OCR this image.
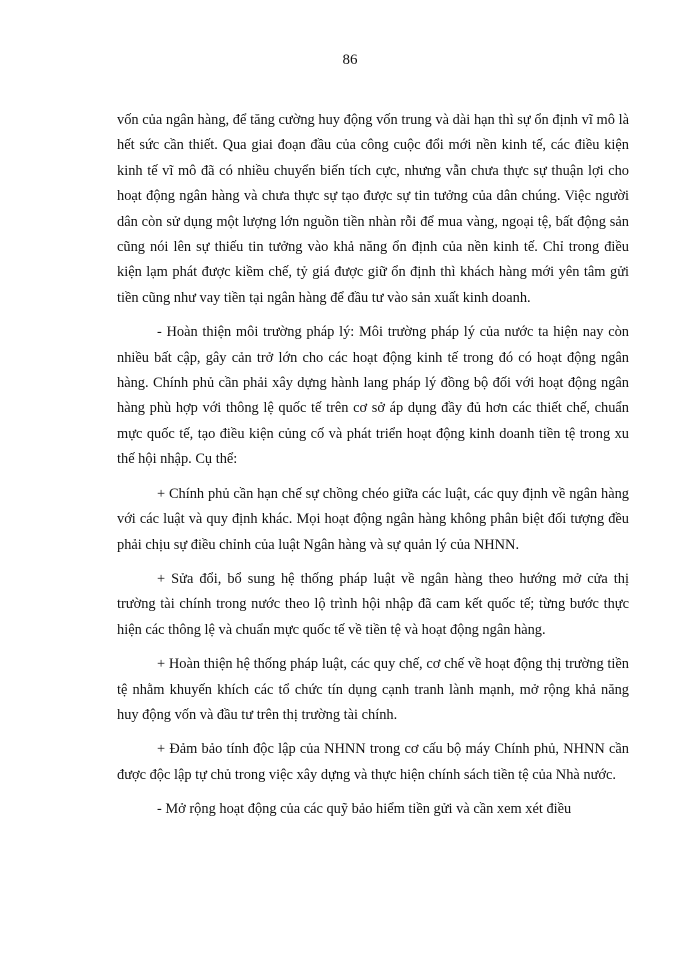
86

vốn của ngân hàng, để tăng cường huy động vốn trung và dài hạn thì sự ổn định vĩ mô là hết sức cần thiết. Qua giai đoạn đầu của công cuộc đổi mới nền kinh tế, các điều kiện kinh tế vĩ mô đã có nhiều chuyển biến tích cực, nhưng vẫn chưa thực sự thuận lợi cho hoạt động ngân hàng và chưa thực sự tạo được sự tin tưởng của dân chúng. Việc người dân còn sử dụng một lượng lớn nguồn tiền nhàn rỗi để mua vàng, ngoại tệ, bất động sản cũng nói lên sự thiếu tin tưởng vào khả năng ổn định của nền kinh tế. Chỉ trong điều kiện lạm phát được kiềm chế, tỷ giá được giữ ổn định thì khách hàng mới yên tâm gửi tiền cũng như vay tiền tại ngân hàng để đầu tư vào sản xuất kinh doanh.

- Hoàn thiện môi trường pháp lý: Môi trường pháp lý của nước ta hiện nay còn nhiều bất cập, gây cản trở lớn cho các hoạt động kinh tế trong đó có hoạt động ngân hàng. Chính phủ cần phải xây dựng hành lang pháp lý đồng bộ đối với hoạt động ngân hàng phù hợp với thông lệ quốc tế trên cơ sở áp dụng đầy đủ hơn các thiết chế, chuẩn mực quốc tế, tạo điều kiện củng cố và phát triển hoạt động kinh doanh tiền tệ trong xu thế hội nhập. Cụ thể:

+ Chính phủ cần hạn chế sự chồng chéo giữa các luật, các quy định về ngân hàng với các luật và quy định khác. Mọi hoạt động ngân hàng không phân biệt đối tượng đều phải chịu sự điều chỉnh của luật Ngân hàng và sự quản lý của NHNN.

+ Sửa đổi, bổ sung hệ thống pháp luật về ngân hàng theo hướng mở cửa thị trường tài chính trong nước theo lộ trình hội nhập đã cam kết quốc tế; từng bước thực hiện các thông lệ và chuẩn mực quốc tế về tiền tệ và hoạt động ngân hàng.

+ Hoàn thiện hệ thống pháp luật, các quy chế, cơ chế về hoạt động thị trường tiền tệ nhằm khuyến khích các tổ chức tín dụng cạnh tranh lành mạnh, mở rộng khả năng huy động vốn và đầu tư trên thị trường tài chính.

+ Đảm bảo tính độc lập của NHNN trong cơ cấu bộ máy Chính phủ, NHNN cần được độc lập tự chủ trong việc xây dựng và thực hiện chính sách tiền tệ của Nhà nước.

- Mở rộng hoạt động của các quỹ bảo hiểm tiền gửi và cần xem xét điều
